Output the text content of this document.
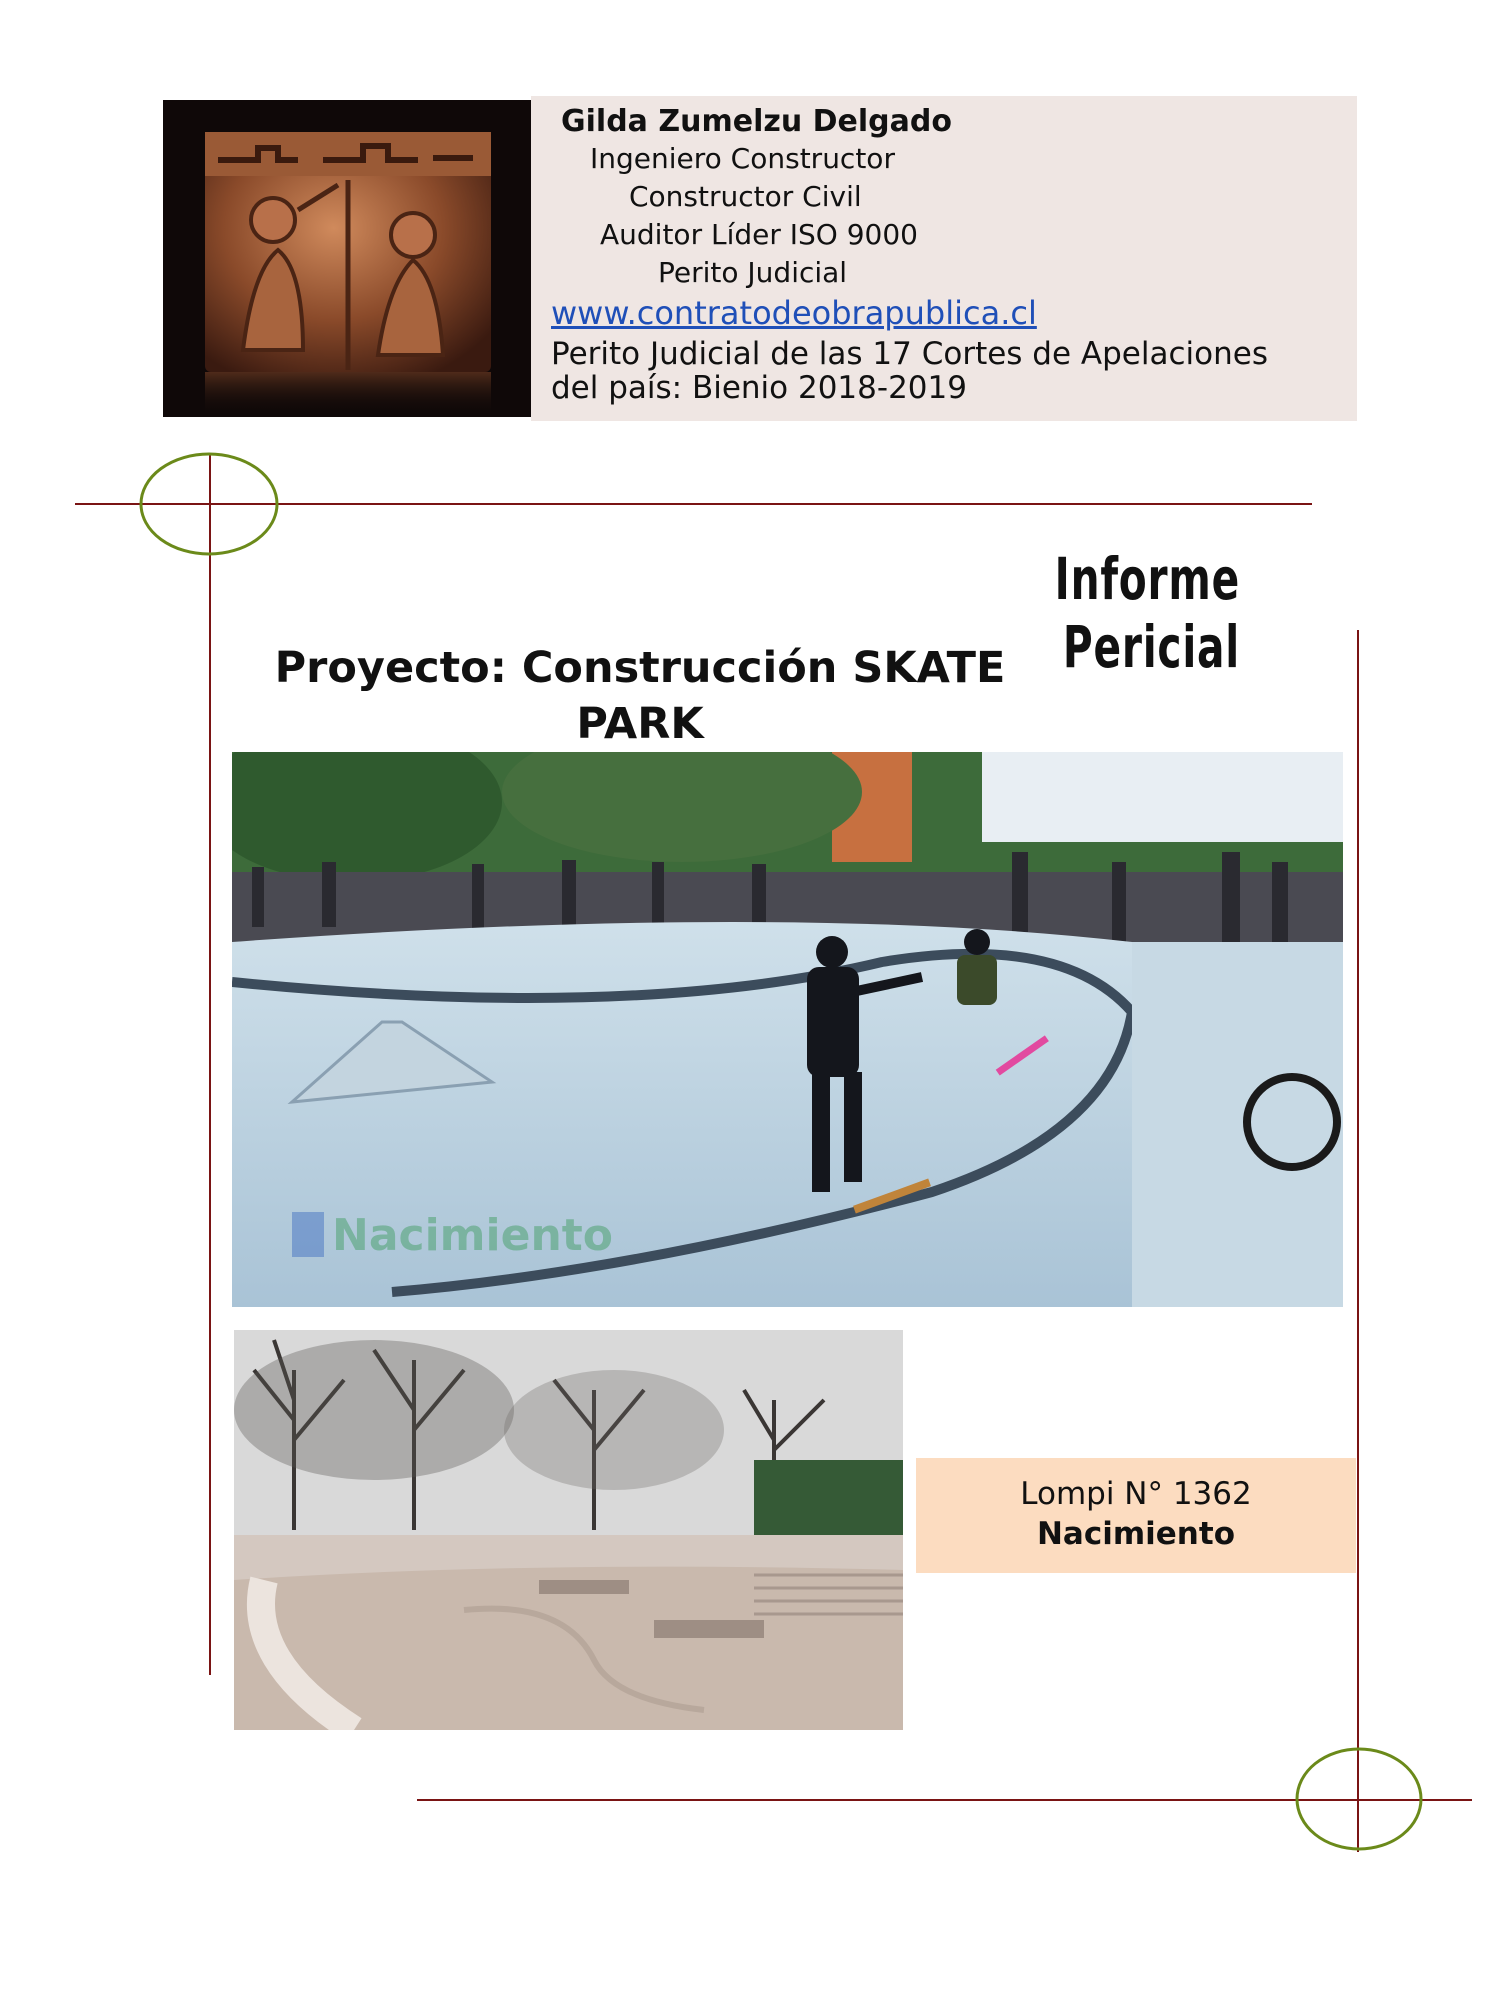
Gilda Zumelzu Delgado
Ingeniero Constructor
Constructor Civil
Auditor Líder ISO 9000
Perito Judicial
www.contratodeobrapublica.cl
Perito Judicial de las 17 Cortes de Apelaciones
del país: Bienio 2018-2019
Informe Pericial
Proyecto: Construcción SKATE
PARK
Nacimiento
Lompi N° 1362
Nacimiento
